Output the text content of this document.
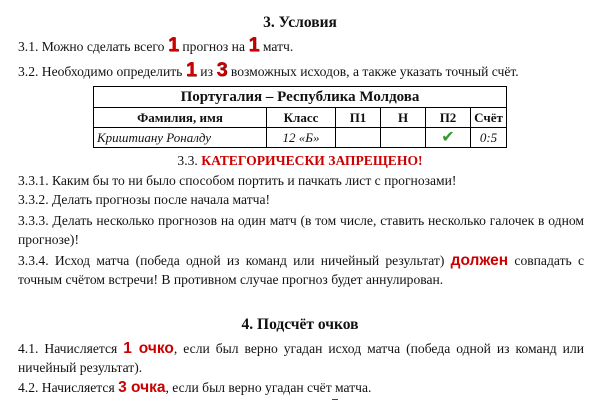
3. Условия
3.1. Можно сделать всего 1 прогноз на 1 матч.
3.2. Необходимо определить 1 из 3 возможных исходов, а также указать точный счёт.
Португалия – Республика Молдова					
Фамилия, имя	Класс	П1	Н	П2	Счёт
Криштиану Роналду	12 «Б»			✔	0:5
3.3. КАТЕГОРИЧЕСКИ ЗАПРЕЩЕНО!
3.3.1. Каким бы то ни было способом портить и пачкать лист с прогнозами!
3.3.2. Делать прогнозы после начала матча!
3.3.3. Делать несколько прогнозов на один матч (в том числе, ставить несколько галочек в одном прогнозе)!
3.3.4. Исход матча (победа одной из команд или ничейный результат) должен совпадать с точным счётом встречи! В противном случае прогноз будет аннулирован.
4. Подсчёт очков
4.1. Начисляется 1 очко, если был верно угадан исход матча (победа одной из команд или ничейный результат).
4.2. Начисляется 3 очка, если был верно угадан счёт матча.
